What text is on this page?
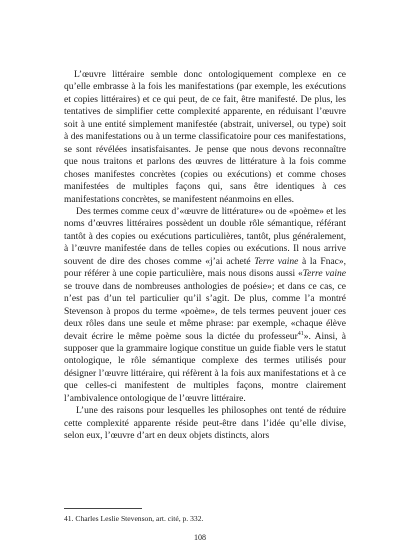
L’œuvre littéraire semble donc ontologiquement complexe en ce qu’elle embrasse à la fois les manifestations (par exemple, les exécutions et copies littéraires) et ce qui peut, de ce fait, être manifesté. De plus, les tentatives de simplifier cette complexité apparente, en réduisant l’œuvre soit à une entité simplement manifestée (abstrait, universel, ou type) soit à des manifestations ou à un terme classificatoire pour ces manifestations, se sont révélées insatisfaisantes. Je pense que nous devons reconnaître que nous traitons et parlons des œuvres de littérature à la fois comme choses manifestes concrètes (copies ou exécutions) et comme choses manifestées de multiples façons qui, sans être identiques à ces manifestations concrètes, se manifestent néanmoins en elles.

Des termes comme ceux d’«œuvre de littérature» ou de «poème» et les noms d’œuvres littéraires possèdent un double rôle sémantique, référant tantôt à des copies ou exécutions particulières, tantôt, plus généralement, à l’œuvre manifestée dans de telles copies ou exécutions. Il nous arrive souvent de dire des choses comme «j’ai acheté Terre vaine à la Fnac», pour référer à une copie particulière, mais nous disons aussi «Terre vaine se trouve dans de nombreuses anthologies de poésie»; et dans ce cas, ce n’est pas d’un tel particulier qu’il s’agit. De plus, comme l’a montré Stevenson à propos du terme «poème», de tels termes peuvent jouer ces deux rôles dans une seule et même phrase: par exemple, «chaque élève devait écrire le même poème sous la dictée du professeur$^{41}$». Ainsi, à supposer que la grammaire logique constitue un guide fiable vers le statut ontologique, le rôle sémantique complexe des termes utilisés pour désigner l’œuvre littéraire, qui réfèrent à la fois aux manifestations et à ce que celles-ci manifestent de multiples façons, montre clairement l’ambivalence ontologique de l’œuvre littéraire.

L’une des raisons pour lesquelles les philosophes ont tenté de réduire cette complexité apparente réside peut-être dans l’idée qu’elle divise, selon eux, l’œuvre d’art en deux objets distincts, alors

41. Charles Leslie Stevenson, art. cité, p. 332.

108
